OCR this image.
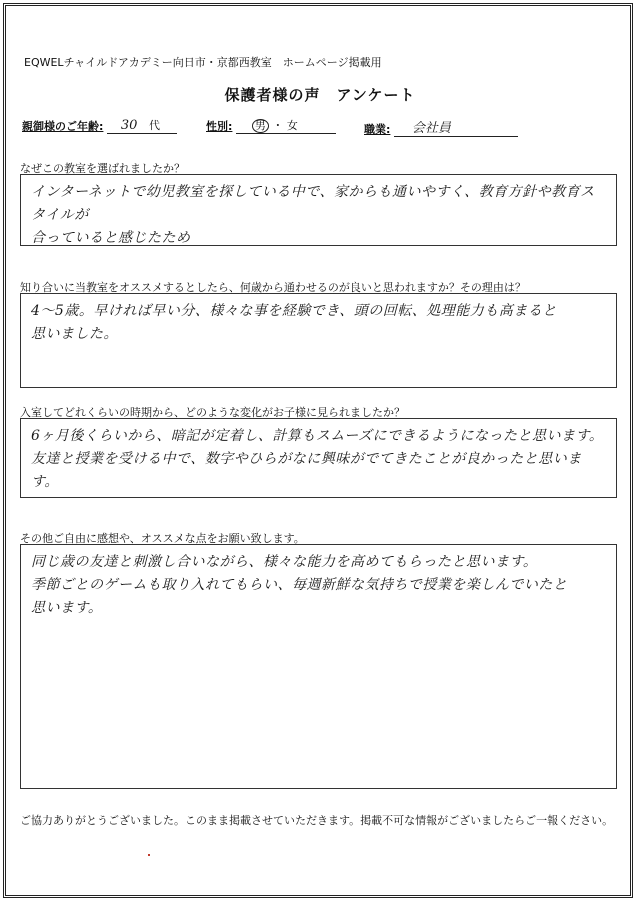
EQWELチャイルドアカデミー向日市・京都西教室　ホームページ掲載用
保護者様の声　アンケート
親御様のご年齢: 30 代	性別: 男 ・ 女	職業: 会社員
なぜこの教室を選ばれましたか？
インターネットで幼児教室を探している中で、家からも通いやすく、教育方針や教育スタイルが
合っていると感じたため
知り合いに当教室をオススメするとしたら、何歳から通わせるのが良いと思われますか？その理由は？
4～5歳。早ければ早い分、様々な事を経験でき、頭の回転、処理能力も高まると
思いました。
入室してどれくらいの時期から、どのような変化がお子様に見られましたか？
6ヶ月後くらいから、暗記が定着し、計算もスムーズにできるようになったと思います。
友達と授業を受ける中で、数字やひらがなに興味がでてきたことが良かったと思います。
その他ご自由に感想や、オススメな点をお願い致します。
同じ歳の友達と刺激し合いながら、様々な能力を高めてもらったと思います。
季節ごとのゲームも取り入れてもらい、毎週新鮮な気持ちで授業を楽しんでいたと
思います。
ご協力ありがとうございました。このまま掲載させていただきます。掲載不可な情報がございましたらご一報ください。
